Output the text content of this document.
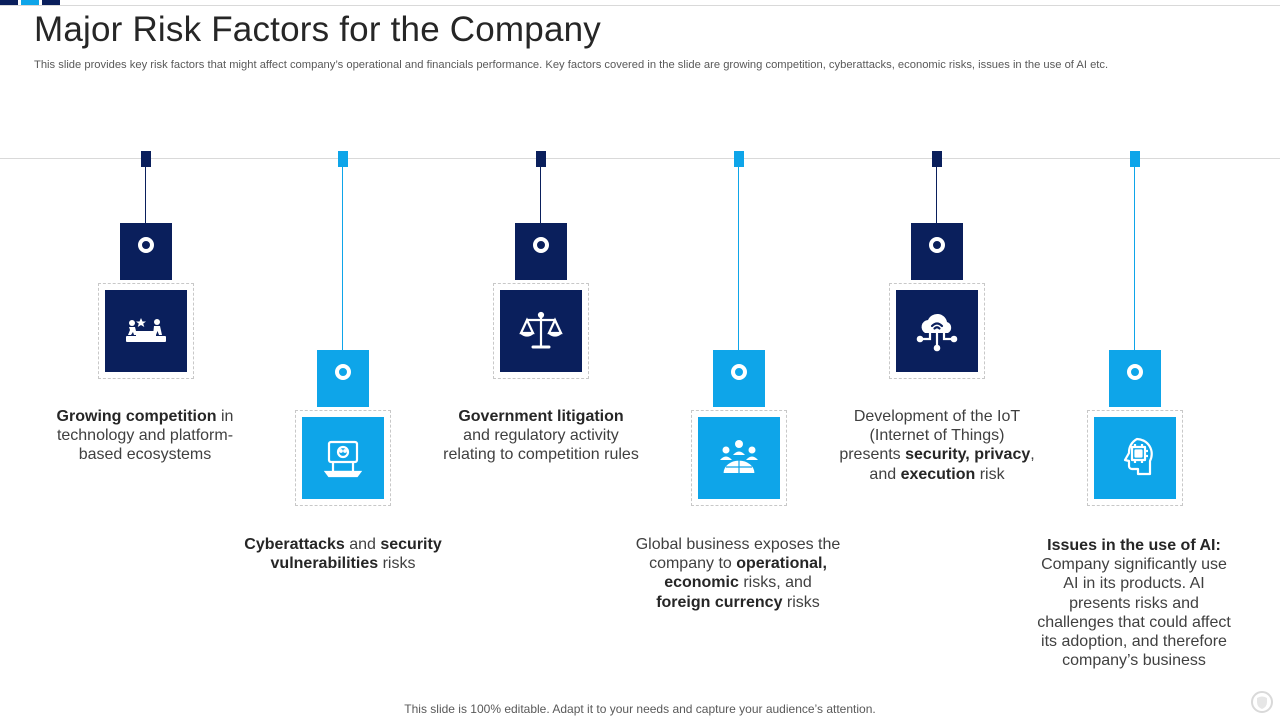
Major Risk Factors for the Company

This slide provides key risk factors that might affect company’s operational and financials performance. Key factors covered in the slide are growing competition, cyberattacks, economic risks, issues in the use of AI etc.

Growing competition in
technology and platform-
based ecosystems
Cyberattacks and security
vulnerabilities risks
Government litigation
and regulatory activity
relating to competition rules
Global business exposes the
company to operational,
economic risks, and
foreign currency risks
Development of the IoT
(Internet of Things)
presents security, privacy,
and execution risk
Issues in the use of AI:
Company significantly use
AI in its products. AI
presents risks and
challenges that could affect
its adoption, and therefore
company’s business

This slide is 100% editable. Adapt it to your needs and capture your audience’s attention.
